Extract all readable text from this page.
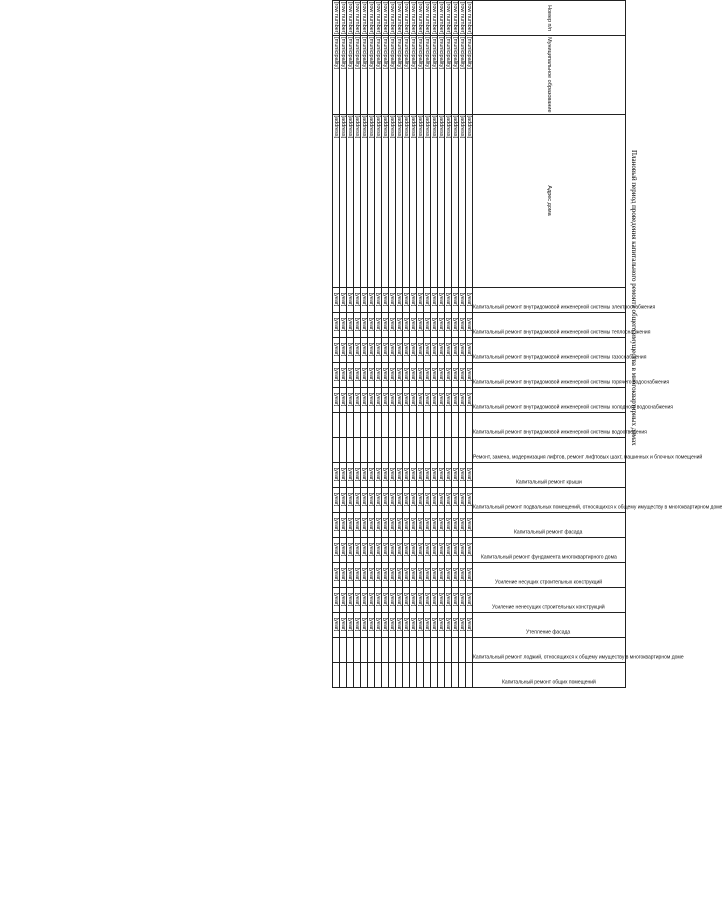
Плановый период проведения капитального ремонта общего имущества в многоквартирных домах
Номер п/п	Муниципальное образование	Адрес дома	Капитальный ремонт внутридомовой инженерной системы электроснабжения	Капитальный ремонт внутридомовой инженерной системы теплоснабжения	Капитальный ремонт внутридомовой инженерной системы газоснабжения	Капитальный ремонт внутридомовой инженерной системы горячего водоснабжения	Капитальный ремонт внутридомовой инженерной системы холодного водоснабжения	Капитальный ремонт внутридомовой инженерной системы водоотведения	Ремонт, замена, модернизация лифтов, ремонт лифтовых шахт, машинных и блочных помещений	Капитальный ремонт крыши	Капитальный ремонт подвальных помещений, относящихся к общему имуществу в многоквартирном доме	Капитальный ремонт фасада	Капитальный ремонт фундамента многоквартирного дома	Усиление несущих строительных конструкций	Усиление ненесущих строительных конструкций	Утепление фасада	Капитальный ремонт лоджий, относящихся к общему имуществу в многоквартирном доме	Капитальный ремонт общих помещений
[row number]	[municipality]	[address]	[year]	[year]	[year]	[year]	[year]			[year]	[year]	[year]	[year]	[year]	[year]	[year]		
[row number]	[municipality]	[address]	[year]	[year]	[year]	[year]	[year]			[year]	[year]	[year]	[year]	[year]	[year]	[year]		
[row number]	[municipality]	[address]	[year]	[year]	[year]	[year]	[year]			[year]	[year]	[year]	[year]	[year]	[year]	[year]		
[row number]	[municipality]	[address]	[year]	[year]	[year]	[year]	[year]			[year]	[year]	[year]	[year]	[year]	[year]	[year]		
[row number]	[municipality]	[address]	[year]	[year]	[year]	[year]	[year]			[year]	[year]	[year]	[year]	[year]	[year]	[year]		
[row number]	[municipality]	[address]	[year]	[year]	[year]	[year]	[year]			[year]	[year]	[year]	[year]	[year]	[year]	[year]		
[row number]	[municipality]	[address]	[year]	[year]	[year]	[year]	[year]			[year]	[year]	[year]	[year]	[year]	[year]	[year]		
[row number]	[municipality]	[address]	[year]	[year]	[year]	[year]	[year]			[year]	[year]	[year]	[year]	[year]	[year]	[year]		
[row number]	[municipality]	[address]	[year]	[year]	[year]	[year]	[year]			[year]	[year]	[year]	[year]	[year]	[year]	[year]		
[row number]	[municipality]	[address]	[year]	[year]	[year]	[year]	[year]			[year]	[year]	[year]	[year]	[year]	[year]	[year]		
[row number]	[municipality]	[address]	[year]	[year]	[year]	[year]	[year]			[year]	[year]	[year]	[year]	[year]	[year]	[year]		
[row number]	[municipality]	[address]	[year]	[year]	[year]	[year]	[year]			[year]	[year]	[year]	[year]	[year]	[year]	[year]		
[row number]	[municipality]	[address]	[year]	[year]	[year]	[year]	[year]			[year]	[year]	[year]	[year]	[year]	[year]	[year]		
[row number]	[municipality]	[address]	[year]	[year]	[year]	[year]	[year]			[year]	[year]	[year]	[year]	[year]	[year]	[year]		
[row number]	[municipality]	[address]	[year]	[year]	[year]	[year]	[year]			[year]	[year]	[year]	[year]	[year]	[year]	[year]		
[row number]	[municipality]	[address]	[year]	[year]	[year]	[year]	[year]			[year]	[year]	[year]	[year]	[year]	[year]	[year]		
[row number]	[municipality]	[address]	[year]	[year]	[year]	[year]	[year]			[year]	[year]	[year]	[year]	[year]	[year]	[year]		
[row number]	[municipality]	[address]	[year]	[year]	[year]	[year]	[year]			[year]	[year]	[year]	[year]	[year]	[year]	[year]		
[row number]	[municipality]	[address]	[year]	[year]	[year]	[year]	[year]			[year]	[year]	[year]	[year]	[year]	[year]	[year]		
[row number]	[municipality]	[address]	[year]	[year]	[year]	[year]	[year]			[year]	[year]	[year]	[year]	[year]	[year]	[year]		
